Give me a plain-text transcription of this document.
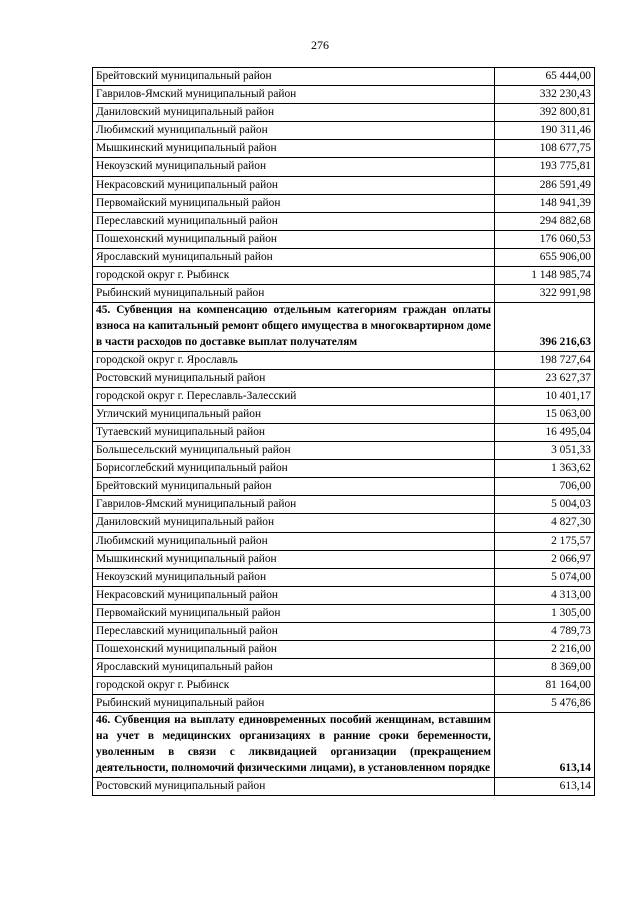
276
Брейтовский муниципальный район	65 444,00
Гаврилов-Ямский муниципальный район	332 230,43
Даниловский муниципальный район	392 800,81
Любимский муниципальный район	190 311,46
Мышкинский муниципальный район	108 677,75
Некоузский муниципальный район	193 775,81
Некрасовский муниципальный район	286 591,49
Первомайский муниципальный район	148 941,39
Переславский муниципальный район	294 882,68
Пошехонский муниципальный район	176 060,53
Ярославский муниципальный район	655 906,00
городской округ г. Рыбинск	1 148 985,74
Рыбинский муниципальный район	322 991,98
45. Субвенция на компенсацию отдельным категориям граждан оплаты взноса на капитальный ремонт общего имущества в многоквартирном доме в части расходов по доставке выплат получателям	396 216,63
городской округ г. Ярославль	198 727,64
Ростовский муниципальный район	23 627,37
городской округ г. Переславль-Залесский	10 401,17
Угличский муниципальный район	15 063,00
Тутаевский муниципальный район	16 495,04
Большесельский муниципальный район	3 051,33
Борисоглебский муниципальный район	1 363,62
Брейтовский муниципальный район	706,00
Гаврилов-Ямский муниципальный район	5 004,03
Даниловский муниципальный район	4 827,30
Любимский муниципальный район	2 175,57
Мышкинский муниципальный район	2 066,97
Некоузский муниципальный район	5 074,00
Некрасовский муниципальный район	4 313,00
Первомайский муниципальный район	1 305,00
Переславский муниципальный район	4 789,73
Пошехонский муниципальный район	2 216,00
Ярославский муниципальный район	8 369,00
городской округ г. Рыбинск	81 164,00
Рыбинский муниципальный район	5 476,86
46. Субвенция на выплату единовременных пособий женщинам, вставшим на учет в медицинских организациях в ранние сроки беременности, уволенным в связи с ликвидацией организации (прекращением деятельности, полномочий физическими лицами), в установленном порядке	613,14
Ростовский муниципальный район	613,14
